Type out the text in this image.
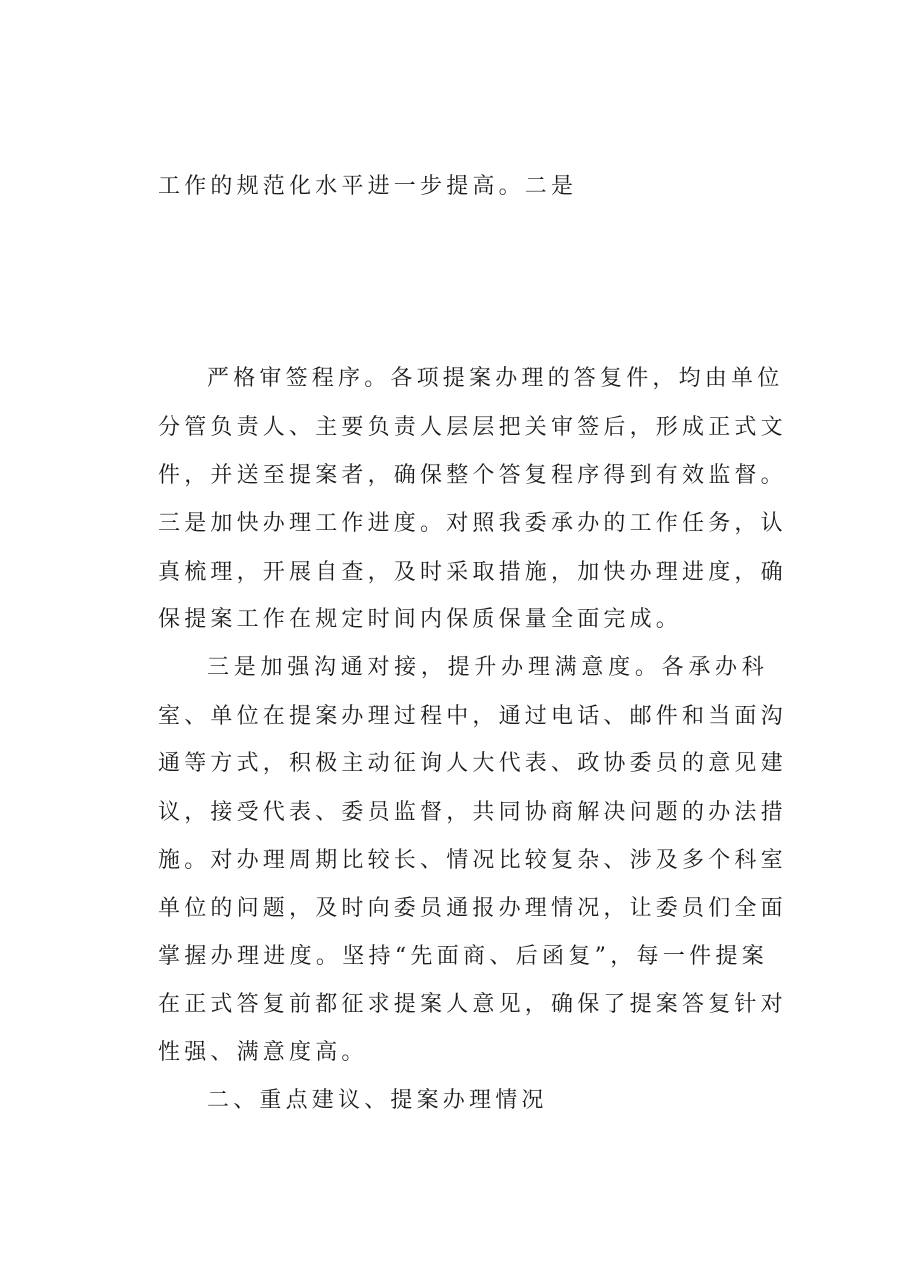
工作的规范化水平进一步提高。二是
严格审签程序。各项提案办理的答复件，均由单位
分管负责人、主要负责人层层把关审签后，形成正式文
件，并送至提案者，确保整个答复程序得到有效监督。
三是加快办理工作进度。对照我委承办的工作任务，认
真梳理，开展自查，及时采取措施，加快办理进度，确
保提案工作在规定时间内保质保量全面完成。
三是加强沟通对接，提升办理满意度。各承办科
室、单位在提案办理过程中，通过电话、邮件和当面沟
通等方式，积极主动征询人大代表、政协委员的意见建
议，接受代表、委员监督，共同协商解决问题的办法措
施。对办理周期比较长、情况比较复杂、涉及多个科室
单位的问题，及时向委员通报办理情况，让委员们全面
掌握办理进度。坚持“先面商、后函复”，每一件提案
在正式答复前都征求提案人意见，确保了提案答复针对
性强、满意度高。
二、重点建议、提案办理情况
